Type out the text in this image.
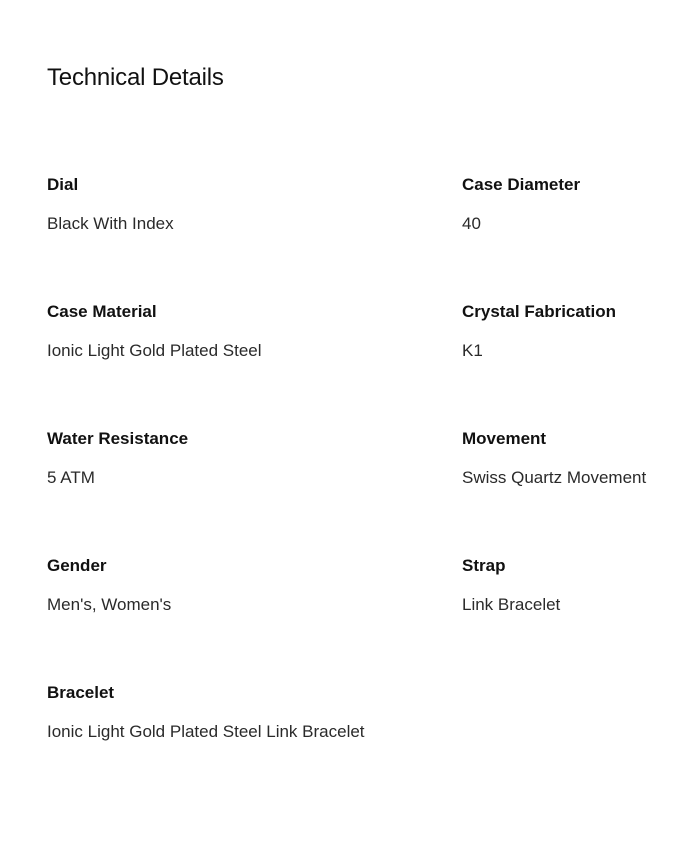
Technical Details

Dial

Black With Index

Case Diameter

40

Case Material

Ionic Light Gold Plated Steel

Crystal Fabrication

K1

Water Resistance

5 ATM

Movement

Swiss Quartz Movement

Gender

Men's, Women's

Strap

Link Bracelet

Bracelet

Ionic Light Gold Plated Steel Link Bracelet
